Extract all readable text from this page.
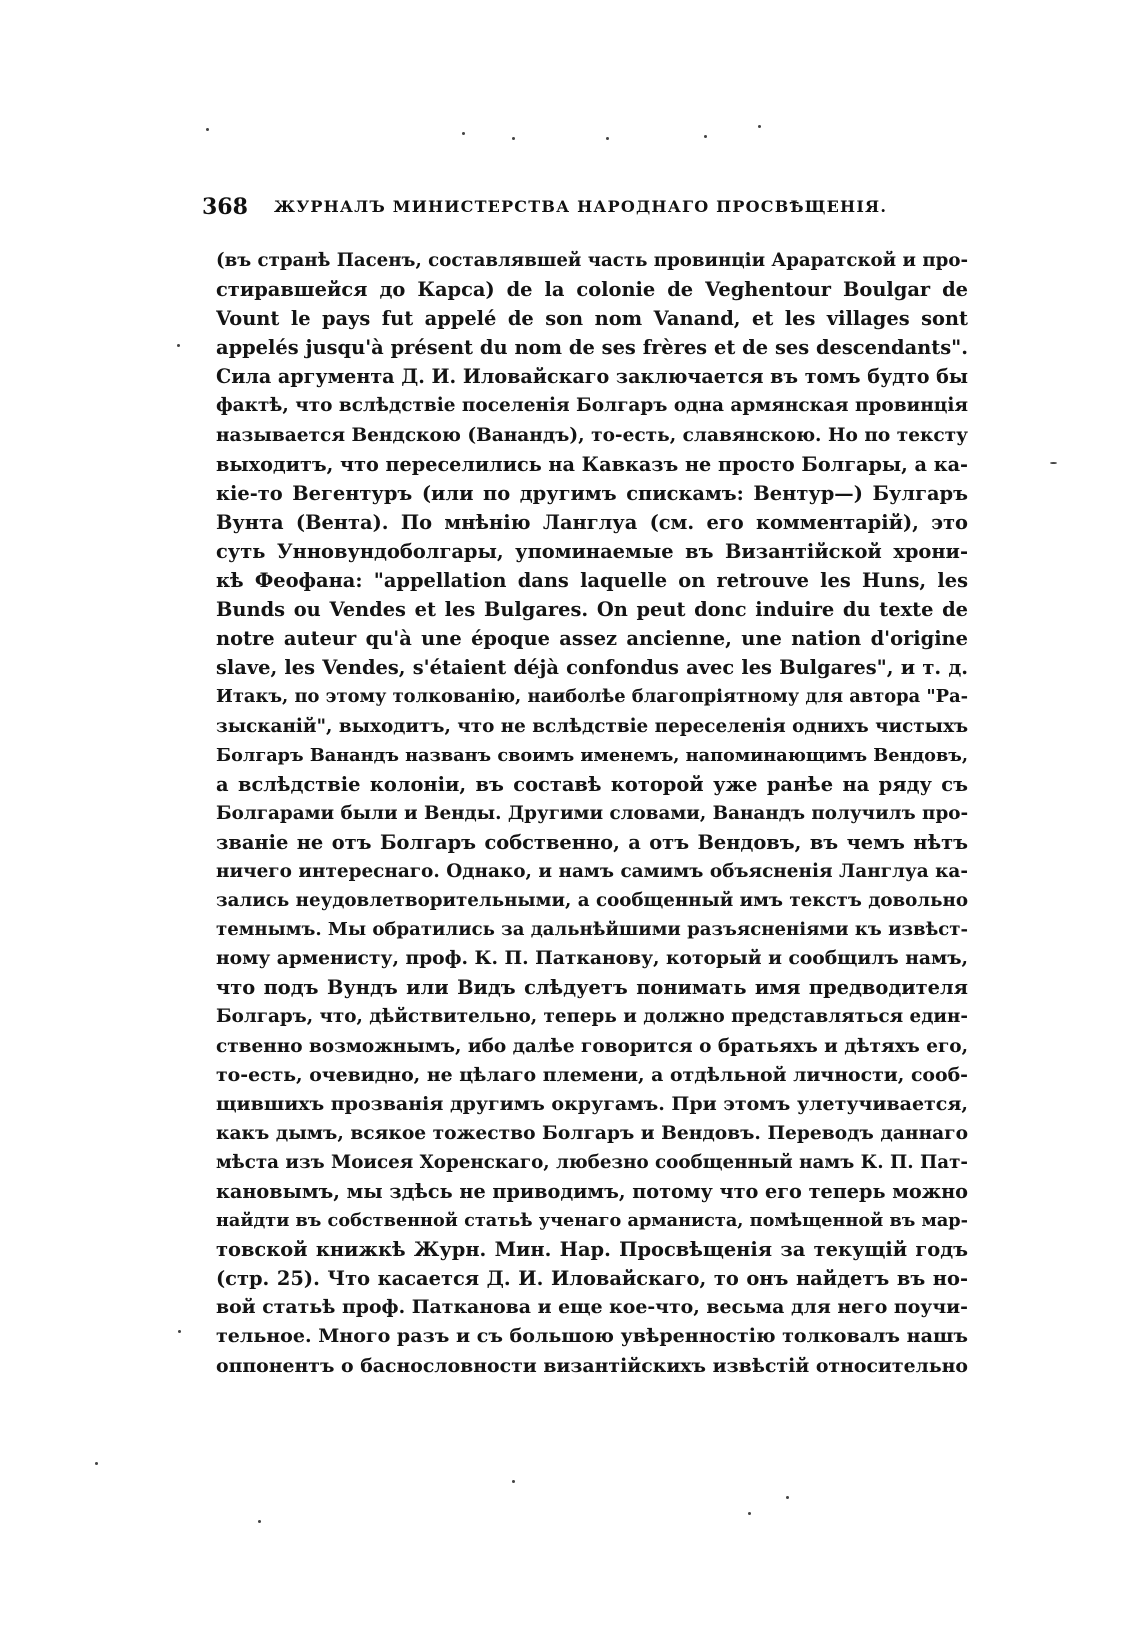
368 ЖУРНАЛЪ МИНИСТЕРСТВА НАРОДНАГО ПРОСВѢЩЕНІЯ.
(въ странѣ Пасенъ, составлявшей часть провинціи Араратской и про-
стиравшейся до Карса) de la colonie de Veghentour Boulgar de
Vount le pays fut appelé de son nom Vanand, et les villages sont
appelés jusqu'à présent du nom de ses frères et de ses descendants".
Сила аргумента Д. И. Иловайскаго заключается въ томъ будто бы
фактѣ, что вслѣдствіе поселенія Болгаръ одна армянская провинція
называется Вендскою (Ванандъ), то-есть, славянскою. Но по тексту
выходитъ, что переселились на Кавказъ не просто Болгары, а ка-
кіе-то Вегентуръ (или по другимъ спискамъ: Вентур—) Булгаръ
Вунта (Вента). По мнѣнію Ланглуа (см. его комментарій), это
суть Унновундоболгары, упоминаемые въ Византійской хрони-
кѣ Феофана: "appellation dans laquelle on retrouve les Huns, les
Bunds ou Vendes et les Bulgares. On peut donc induire du texte de
notre auteur qu'à une époque assez ancienne, une nation d'origine
slave, les Vendes, s'étaient déjà confondus avec les Bulgares", и т. д.
Итакъ, по этому толкованію, наиболѣе благопріятному для автора "Ра-
зысканій", выходитъ, что не вслѣдствіе переселенія однихъ чистыхъ
Болгаръ Ванандъ названъ своимъ именемъ, напоминающимъ Вендовъ,
а вслѣдствіе колоніи, въ составѣ которой уже ранѣе на ряду съ
Болгарами были и Венды. Другими словами, Ванандъ получилъ про-
званіе не отъ Болгаръ собственно, а отъ Вендовъ, въ чемъ нѣтъ
ничего интереснаго. Однако, и намъ самимъ объясненія Ланглуа ка-
зались неудовлетворительными, а сообщенный имъ текстъ довольно
темнымъ. Мы обратились за дальнѣйшими разъясненіями къ извѣст-
ному арменисту, проф. К. П. Патканову, который и сообщилъ намъ,
что подъ Вундъ или Видъ слѣдуетъ понимать имя предводителя
Болгаръ, что, дѣйствительно, теперь и должно представляться един-
ственно возможнымъ, ибо далѣе говорится о братьяхъ и дѣтяхъ его,
то-есть, очевидно, не цѣлаго племени, а отдѣльной личности, сооб-
щившихъ прозванія другимъ округамъ. При этомъ улетучивается,
какъ дымъ, всякое тожество Болгаръ и Вендовъ. Переводъ даннаго
мѣста изъ Моисея Хоренскаго, любезно сообщенный намъ К. П. Пат-
кановымъ, мы здѣсь не приводимъ, потому что его теперь можно
найдти въ собственной статьѣ ученаго арманиста, помѣщенной въ мар-
товской книжкѣ Журн. Мин. Нар. Просвѣщенія за текущій годъ
(стр. 25). Что касается Д. И. Иловайскаго, то онъ найдетъ въ но-
вой статьѣ проф. Патканова и еще кое-что, весьма для него поучи-
тельное. Много разъ и съ большою увѣренностію толковалъ нашъ
оппонентъ о баснословности византійскихъ извѣстій относительно
